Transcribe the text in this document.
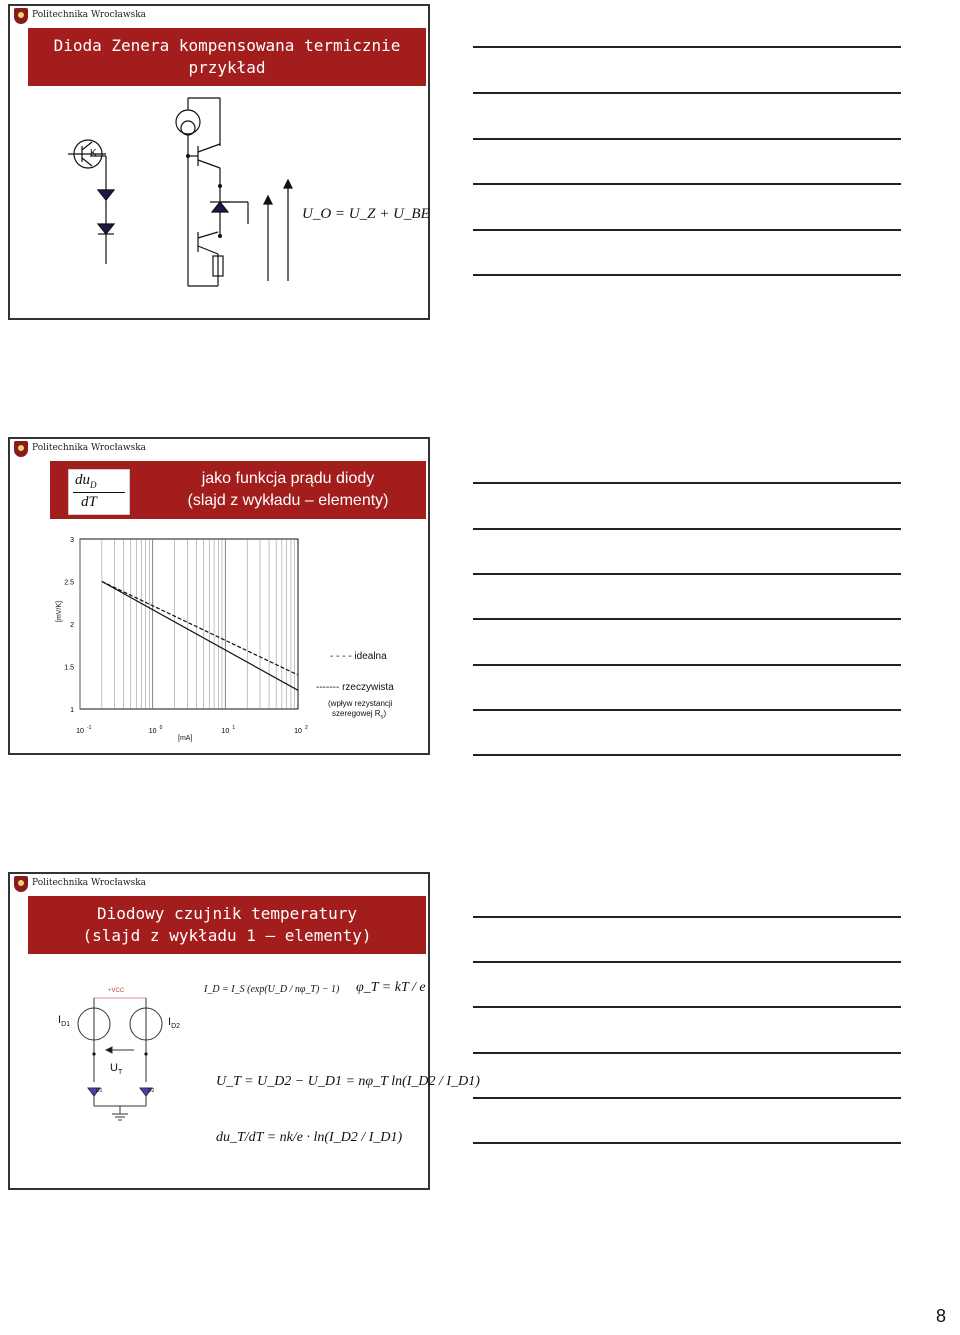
Politechnika Wrocławska
Dioda Zenera kompensowana termicznie
przykład
K
U_O = U_Z + U_BE
Politechnika Wrocławska
jako funkcja prądu diody
(slajd z wykładu – elementy)
$du_D$
dT
3
2.5
2
1.5
1
10 -1	10 0	10 1	10 2
[mV/K]
[mA]
- - - - idealna
------- rzeczywista
(wpływ rezystancji
szeregowej $R_s$)
Politechnika Wrocławska
Diodowy czujnik temperatury
(slajd z wykładu 1 – elementy)
+VCC
$I_{D1}$	$I_{D2}$
$U_T$
D1	D2
I_D = I_S (exp(U_D / nφ_T) − 1) φ_T = kT / e
U_T = U_D2 − U_D1 = nφ_T ln(I_D2 / I_D1)
du_T/dT = nk/e · ln(I_D2 / I_D1)
8
